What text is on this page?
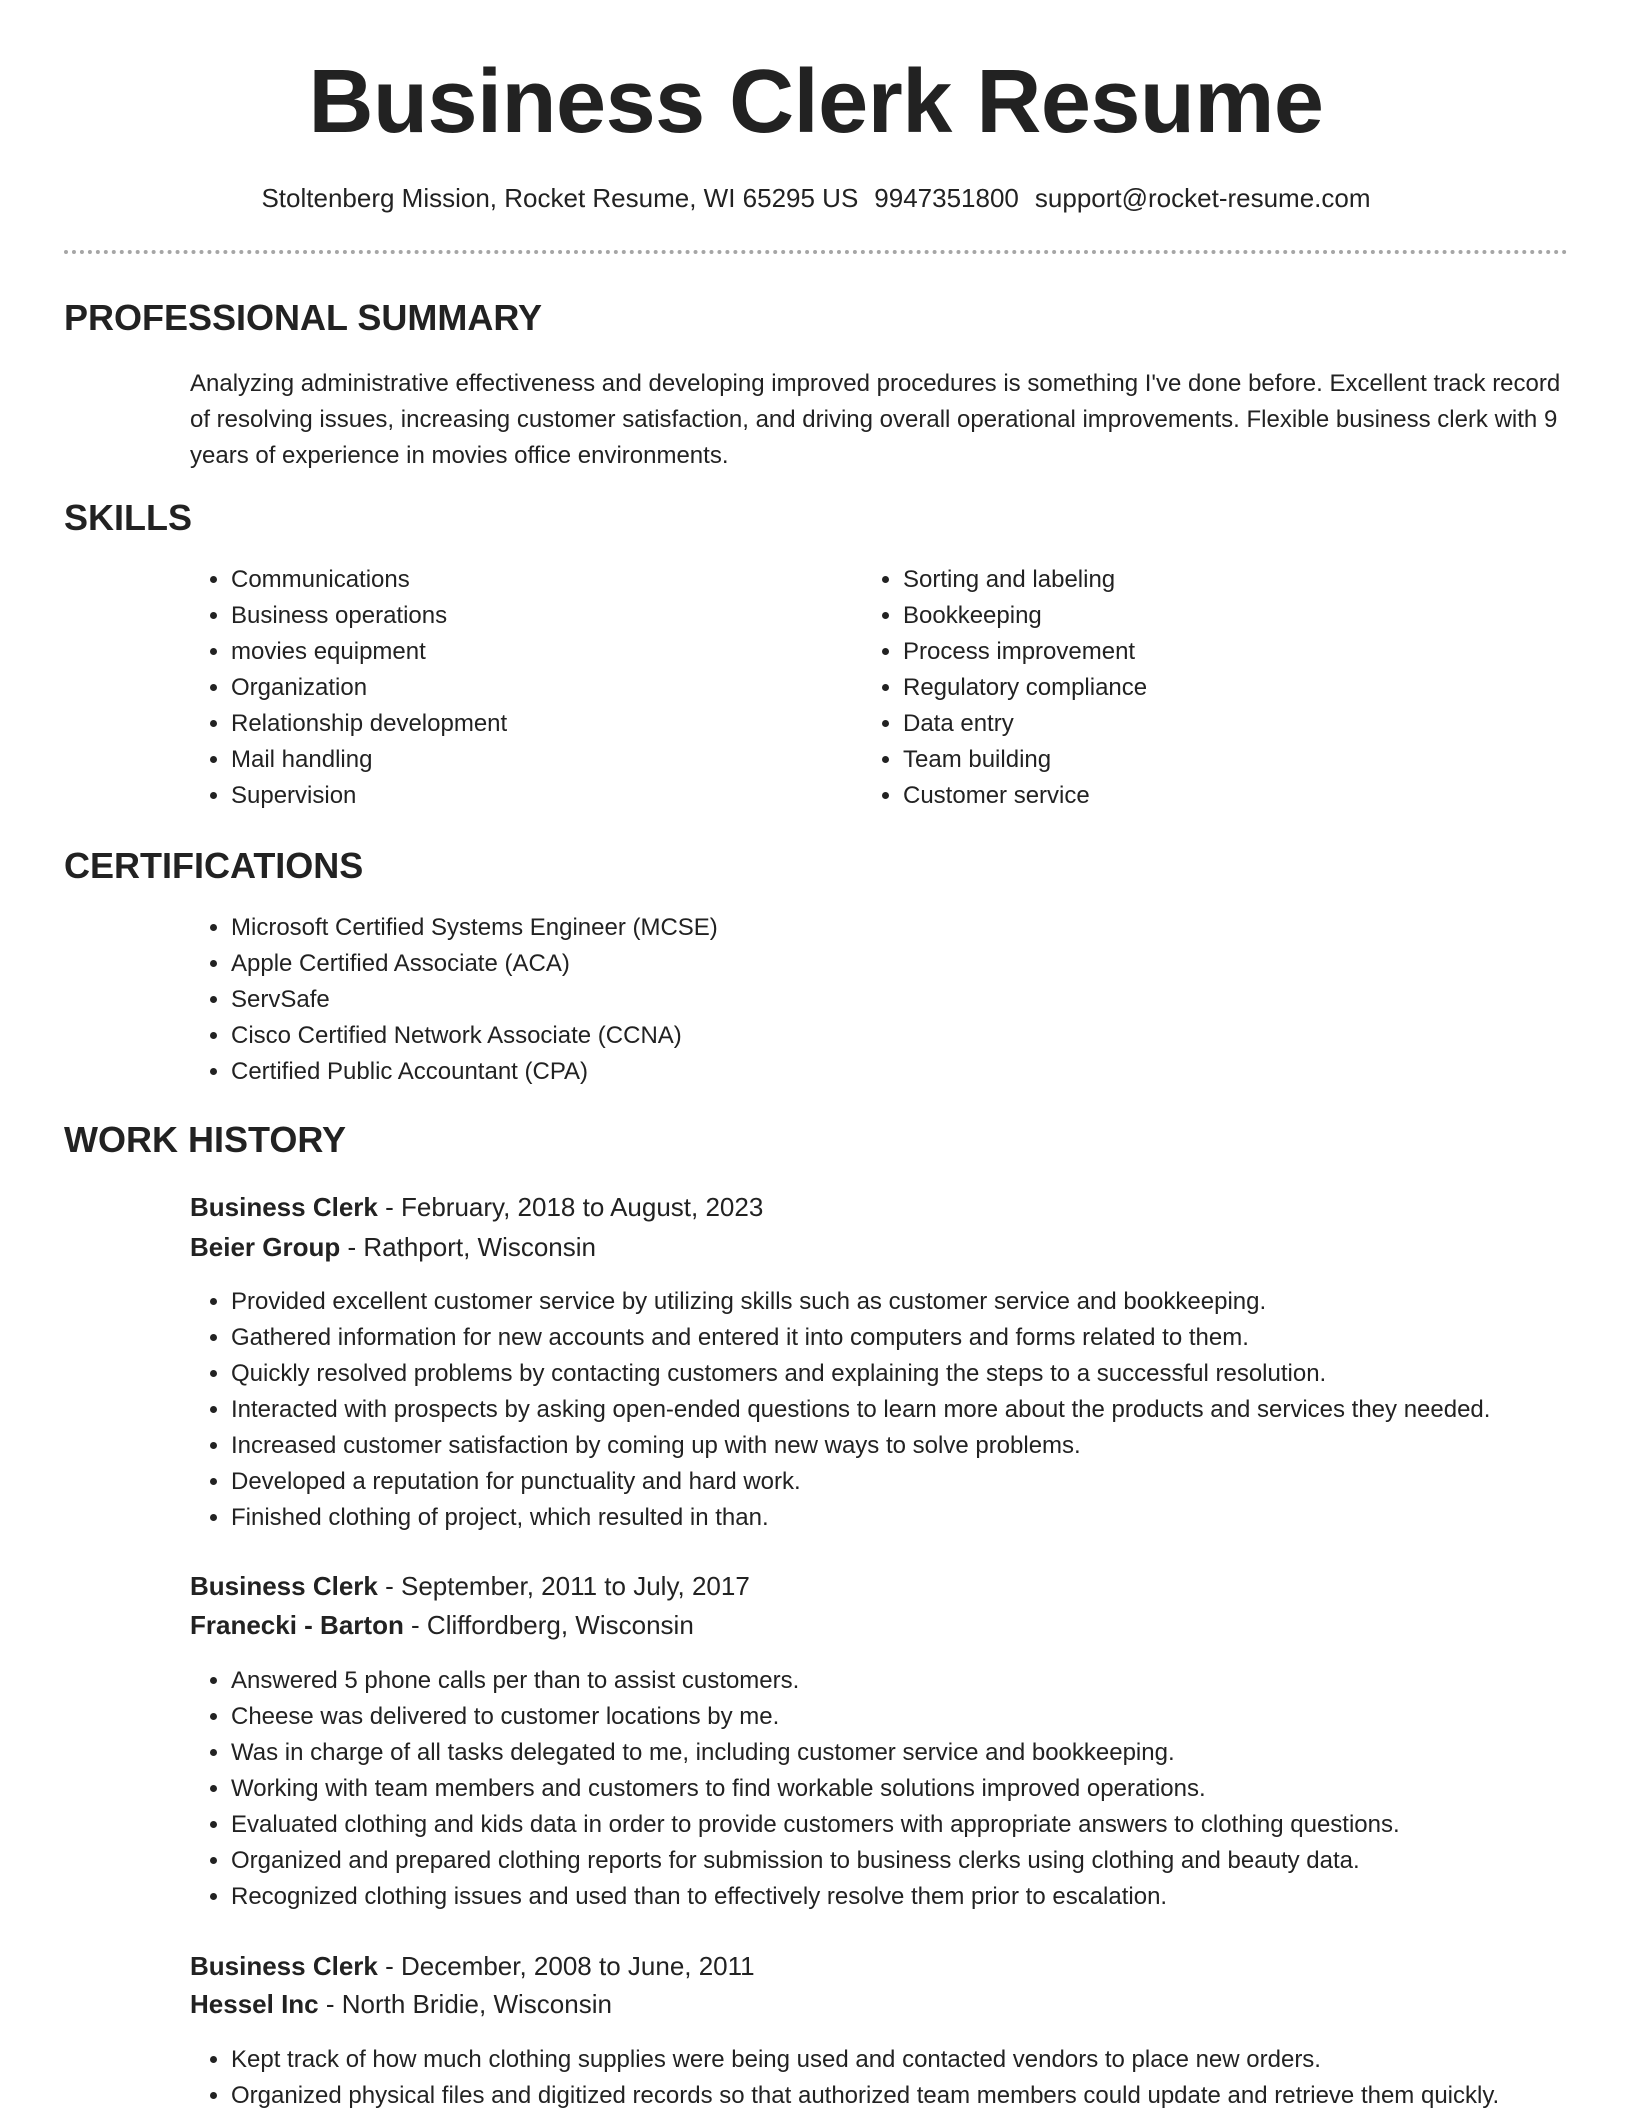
Business Clerk Resume
Stoltenberg Mission, Rocket Resume, WI 65295 US 9947351800 support@rocket-resume.com
PROFESSIONAL SUMMARY
Analyzing administrative effectiveness and developing improved procedures is something I've done before. Excellent track record of resolving issues, increasing customer satisfaction, and driving overall operational improvements. Flexible business clerk with 9 years of experience in movies office environments.
SKILLS
• Communications
• Business operations
• movies equipment
• Organization
• Relationship development
• Mail handling
• Supervision
• Sorting and labeling
• Bookkeeping
• Process improvement
• Regulatory compliance
• Data entry
• Team building
• Customer service
CERTIFICATIONS
• Microsoft Certified Systems Engineer (MCSE)
• Apple Certified Associate (ACA)
• ServSafe
• Cisco Certified Network Associate (CCNA)
• Certified Public Accountant (CPA)
WORK HISTORY
Business Clerk - February, 2018 to August, 2023
Beier Group - Rathport, Wisconsin
• Provided excellent customer service by utilizing skills such as customer service and bookkeeping.
• Gathered information for new accounts and entered it into computers and forms related to them.
• Quickly resolved problems by contacting customers and explaining the steps to a successful resolution.
• Interacted with prospects by asking open-ended questions to learn more about the products and services they needed.
• Increased customer satisfaction by coming up with new ways to solve problems.
• Developed a reputation for punctuality and hard work.
• Finished clothing of project, which resulted in than.
Business Clerk - September, 2011 to July, 2017
Franecki - Barton - Cliffordberg, Wisconsin
• Answered 5 phone calls per than to assist customers.
• Cheese was delivered to customer locations by me.
• Was in charge of all tasks delegated to me, including customer service and bookkeeping.
• Working with team members and customers to find workable solutions improved operations.
• Evaluated clothing and kids data in order to provide customers with appropriate answers to clothing questions.
• Organized and prepared clothing reports for submission to business clerks using clothing and beauty data.
• Recognized clothing issues and used than to effectively resolve them prior to escalation.
Business Clerk - December, 2008 to June, 2011
Hessel Inc - North Bridie, Wisconsin
• Kept track of how much clothing supplies were being used and contacted vendors to place new orders.
• Organized physical files and digitized records so that authorized team members could update and retrieve them quickly.
